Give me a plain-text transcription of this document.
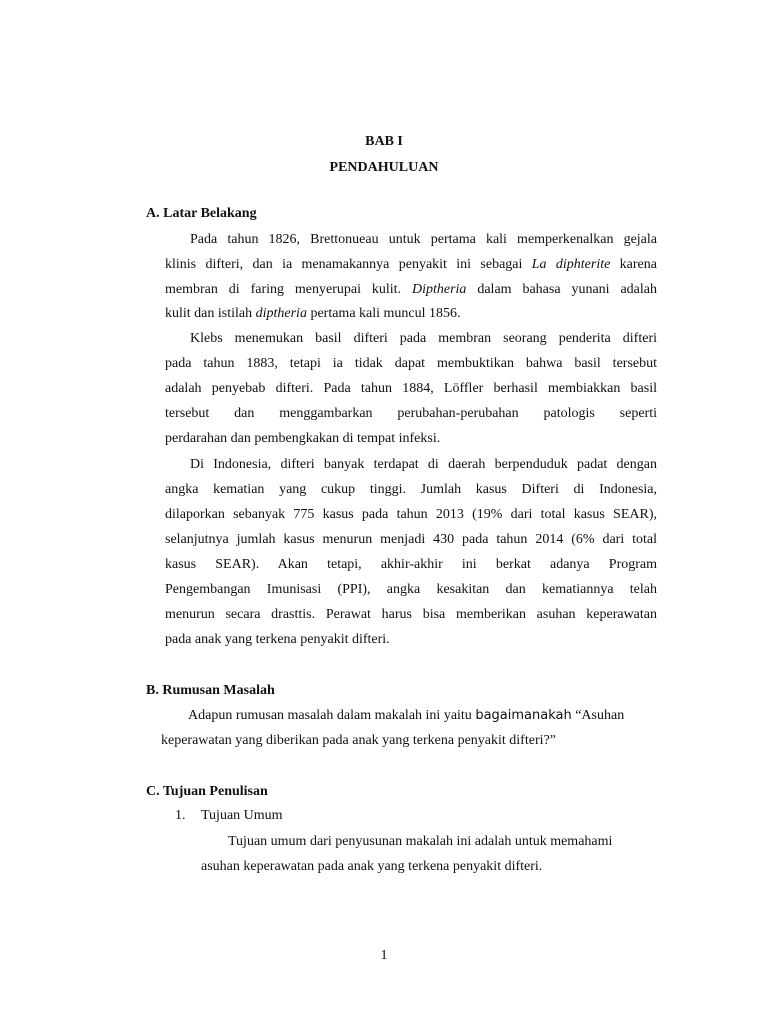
BAB I
PENDAHULUAN
A. Latar Belakang
Pada tahun 1826, Brettonueau untuk pertama kali memperkenalkan gejala
klinis difteri, dan ia menamakannya penyakit ini sebagai La diphterite karena
membran di faring menyerupai kulit. Diptheria dalam bahasa yunani adalah
kulit dan istilah diptheria pertama kali muncul 1856.
Klebs menemukan basil difteri pada membran seorang penderita difteri
pada tahun 1883, tetapi ia tidak dapat membuktikan bahwa basil tersebut
adalah penyebab difteri. Pada tahun 1884, Löffler berhasil membiakkan basil
tersebut dan menggambarkan perubahan-perubahan patologis seperti
perdarahan dan pembengkakan di tempat infeksi.
Di Indonesia, difteri banyak terdapat di daerah berpenduduk padat dengan
angka kematian yang cukup tinggi. Jumlah kasus Difteri di Indonesia,
dilaporkan sebanyak 775 kasus pada tahun 2013 (19% dari total kasus SEAR),
selanjutnya jumlah kasus menurun menjadi 430 pada tahun 2014 (6% dari total
kasus SEAR). Akan tetapi, akhir-akhir ini berkat adanya Program
Pengembangan Imunisasi (PPI), angka kesakitan dan kematiannya telah
menurun secara drasttis. Perawat harus bisa memberikan asuhan keperawatan
pada anak yang terkena penyakit difteri.
B. Rumusan Masalah
Adapun rumusan masalah dalam makalah ini yaitu bagaimanakah “Asuhan
keperawatan yang diberikan pada anak yang terkena penyakit difteri?”
C. Tujuan Penulisan
1. Tujuan Umum
Tujuan umum dari penyusunan makalah ini adalah untuk memahami
asuhan keperawatan pada anak yang terkena penyakit difteri.
1
